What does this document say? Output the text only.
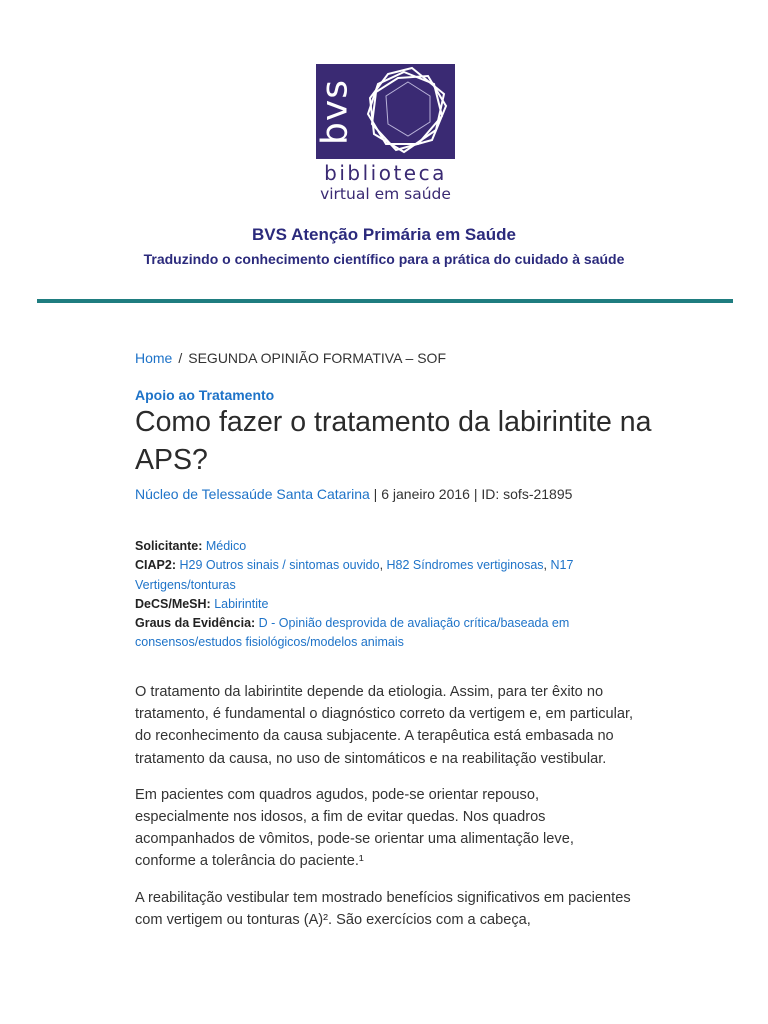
bvs
biblioteca
virtual em saúde
BVS Atenção Primária em Saúde
Traduzindo o conhecimento científico para a prática do cuidado à saúde
Home / SEGUNDA OPINIÃO FORMATIVA – SOF
Apoio ao Tratamento
Como fazer o tratamento da labirintite na APS?
Núcleo de Telessaúde Santa Catarina | 6 janeiro 2016 | ID: sofs-21895
Solicitante: Médico
CIAP2: H29 Outros sinais / sintomas ouvido, H82 Síndromes vertiginosas, N17 Vertigens/tonturas
DeCS/MeSH: Labirintite
Graus da Evidência: D - Opinião desprovida de avaliação crítica/baseada em consensos/estudos fisiológicos/modelos animais

O tratamento da labirintite depende da etiologia. Assim, para ter êxito no tratamento, é fundamental o diagnóstico correto da vertigem e, em particular, do reconhecimento da causa subjacente. A terapêutica está embasada no tratamento da causa, no uso de sintomáticos e na reabilitação vestibular.

Em pacientes com quadros agudos, pode-se orientar repouso, especialmente nos idosos, a fim de evitar quedas. Nos quadros acompanhados de vômitos, pode-se orientar uma alimentação leve, conforme a tolerância do paciente.¹

A reabilitação vestibular tem mostrado benefícios significativos em pacientes com vertigem ou tonturas (A)². São exercícios com a cabeça,
